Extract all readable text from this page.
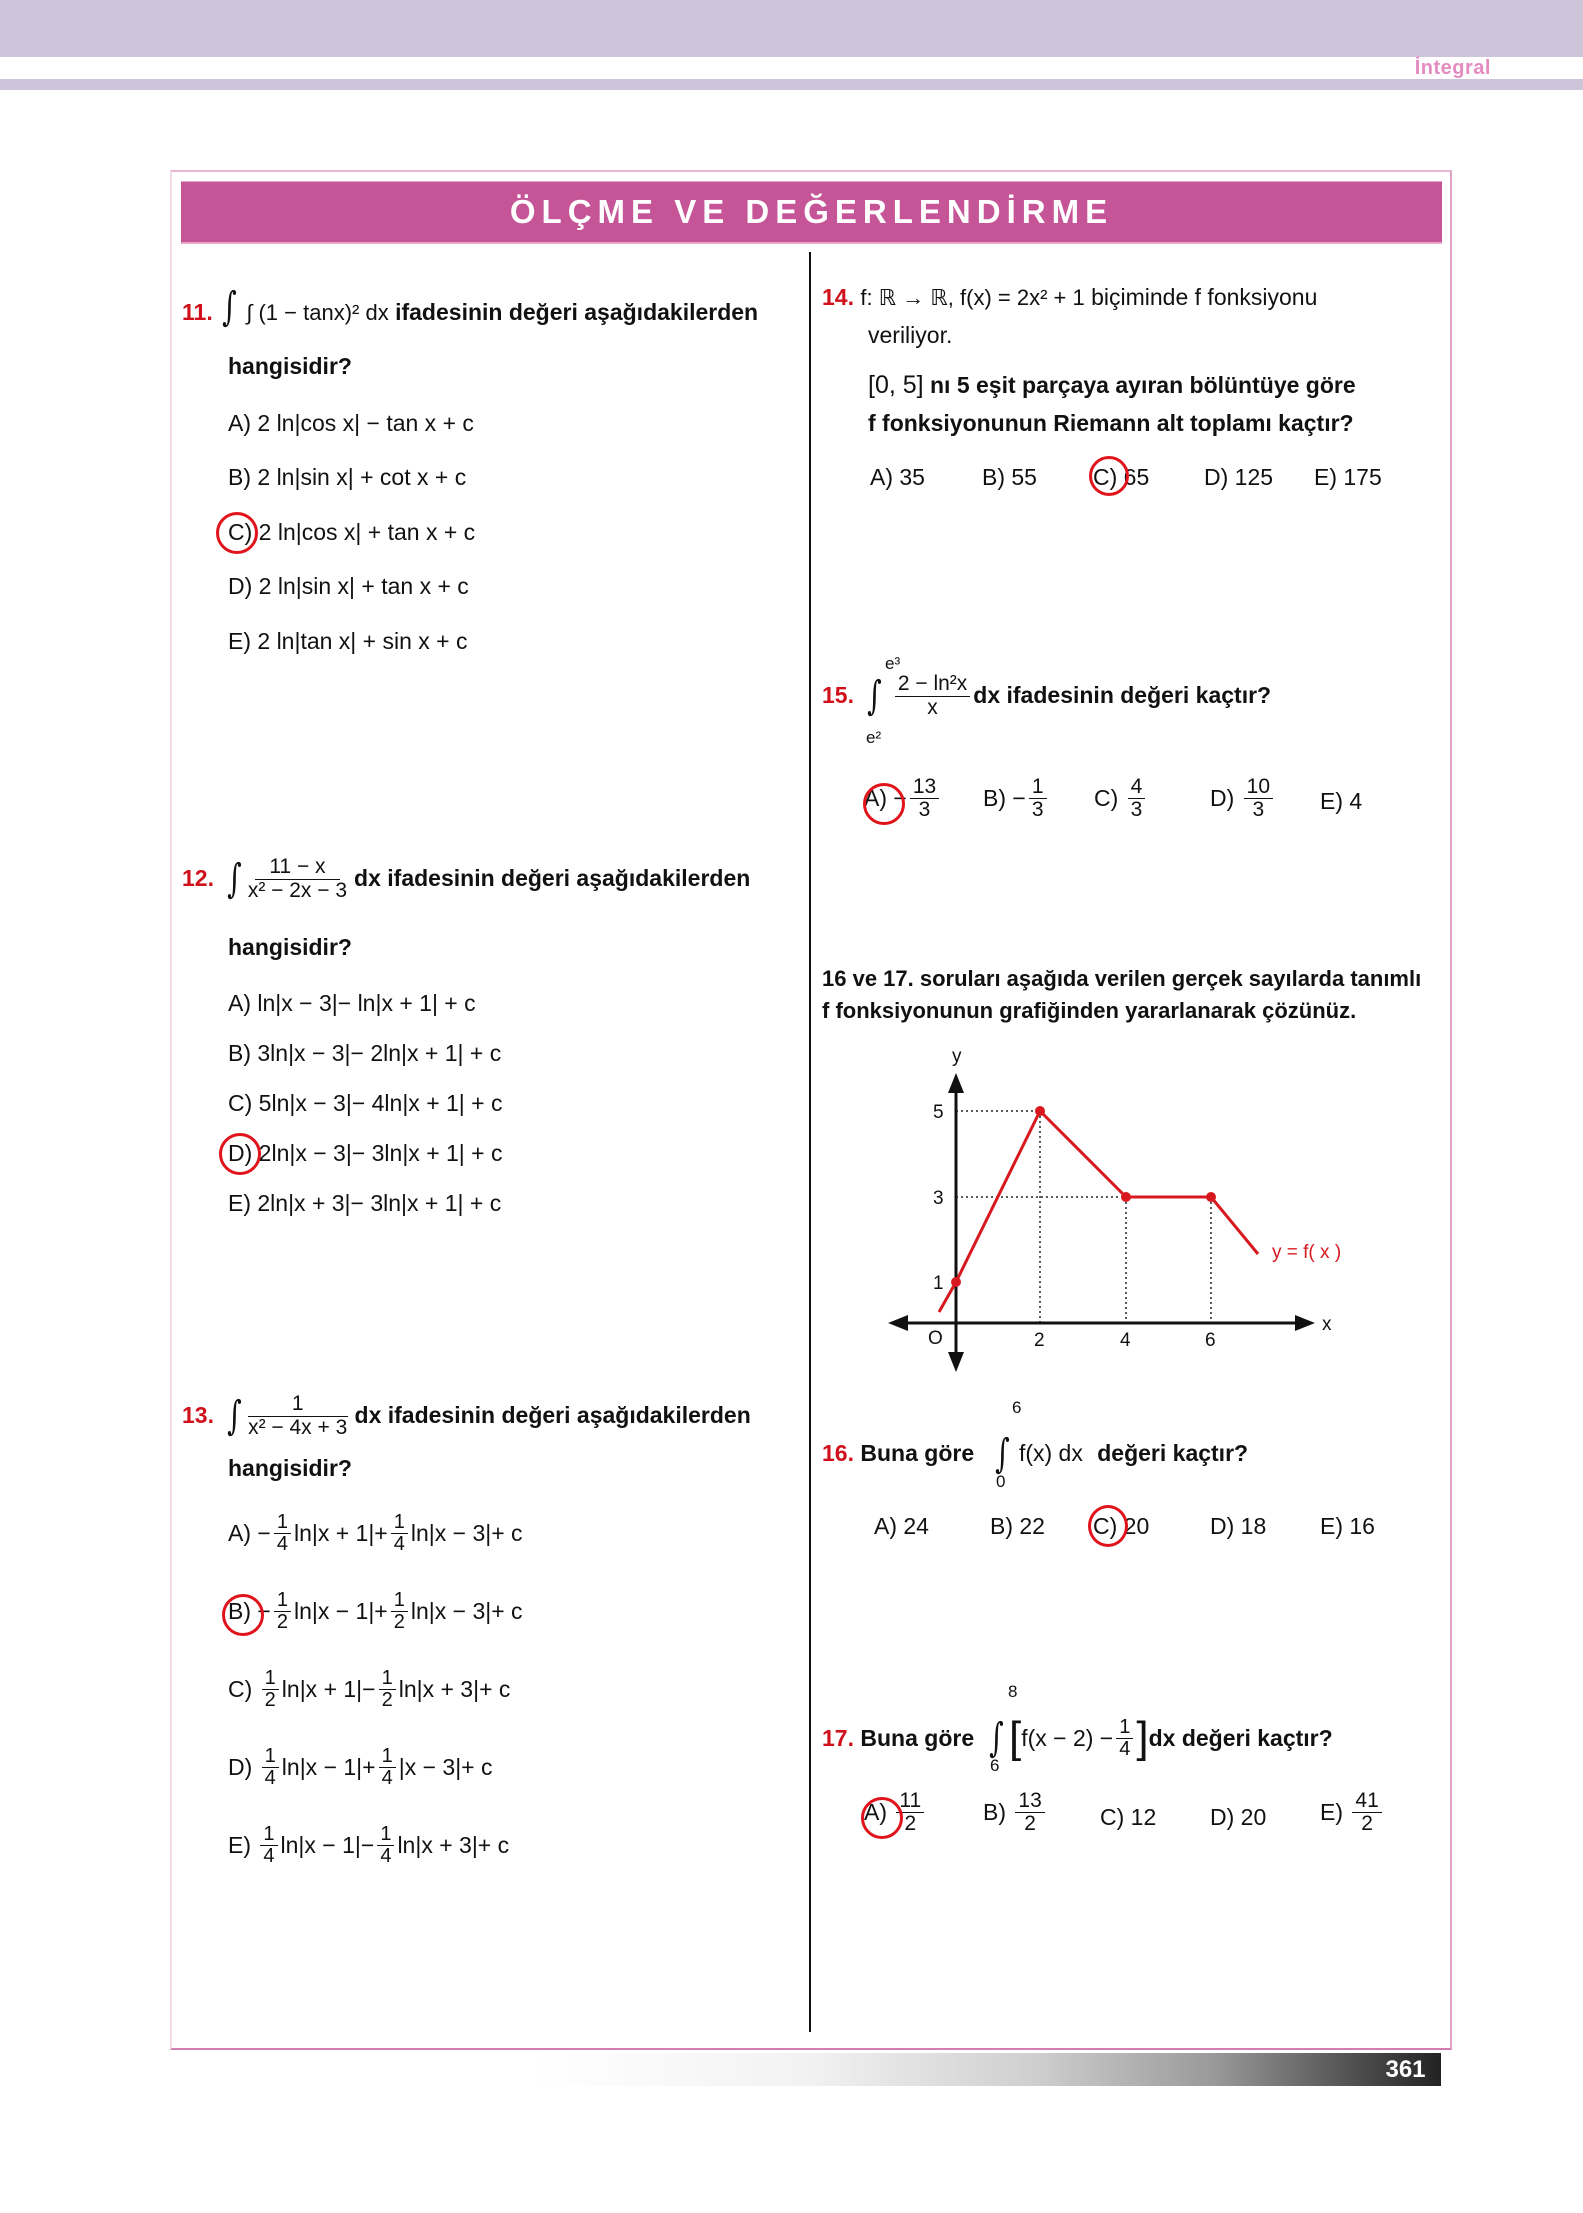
İntegral
ÖLÇME VE DEĞERLENDİRME
11. ∫ ∫ (1 − tanx)² dx ifadesinin değeri aşağıdakilerden
hangisidir?
A) 2 ln|cos x| − tan x + c
B) 2 ln|sin x| + cot x + c
C) 2 ln|cos x| + tan x + c
D) 2 ln|sin x| + tan x + c
E) 2 ln|tan x| + sin x + c
12. ∫ $\frac{11 - x}{\text{x² − 2x − 3}}$ dx ifadesinin değeri aşağıdakilerden
hangisidir?
A) ln|x − 3|− ln|x + 1| + c
B) 3ln|x − 3|− 2ln|x + 1| + c
C) 5ln|x − 3|− 4ln|x + 1| + c
D) 2ln|x − 3|− 3ln|x + 1| + c
E) 2ln|x + 3|− 3ln|x + 1| + c
13. ∫ $\frac{1}{\text{x² − 4x + 3}}$ dx ifadesinin değeri aşağıdakilerden
hangisidir?
A)
− $\frac{1}{4} \ln|x + 1|+ \frac{1}{4} \ln|x - 3|+ c$
B)
− $\frac{1}{2} \ln|x - 1|+ \frac{1}{2} \ln|x - 3|+ c$
C)
$\frac{1}{2} \ln|x + 1|- \frac{1}{2} \ln|x + 3|+ c$
D)
$\frac{1}{4} \ln|x - 1|+ \frac{1}{4} |x - 3|+ c$
E)
$\frac{1}{4} \ln|x - 1|- \frac{1}{4} \ln|x + 3|+ c$
14. f: ℝ → ℝ, f(x) = 2x² + 1 biçiminde f fonksiyonu
veriliyor.
[0, 5] nı 5 eşit parçaya ayıran bölüntüye göre
f fonksiyonunun Riemann alt toplamı kaçtır?
A) 35 B) 55 C) 65 D) 125 E) 175
e³
e²
15. ∫ $\frac{\text{2 − ln²x}}{x}$ dx ifadesinin değeri kaçtır?
A)
− $\frac{13}{3} B$)
− $\frac{1}{3} C$)
$\frac{4}{3}$	D)
$\frac{10}{3} E$) 4
16 ve 17. soruları aşağıda verilen gerçek sayılarda tanımlı
f fonksiyonunun grafiğinden yararlanarak çözünüz.
y
x
O	2	4	6
5
3
1
y = f( x )
6
0
16.
Buna göre ∫ f(x) dx
değeri kaçtır?
A) 24	B) 22 C) 20	D) 18 E) 16
8
6
17.
Buna göre ∫ [ $f(x - 2) - \frac{1}{4}$ ] dx değeri kaçtır?
A)
$\frac{11}{2}$	B)
$\frac{13}{2} C$) 12 D) 20 E)
$\frac{41}{2}$
361
